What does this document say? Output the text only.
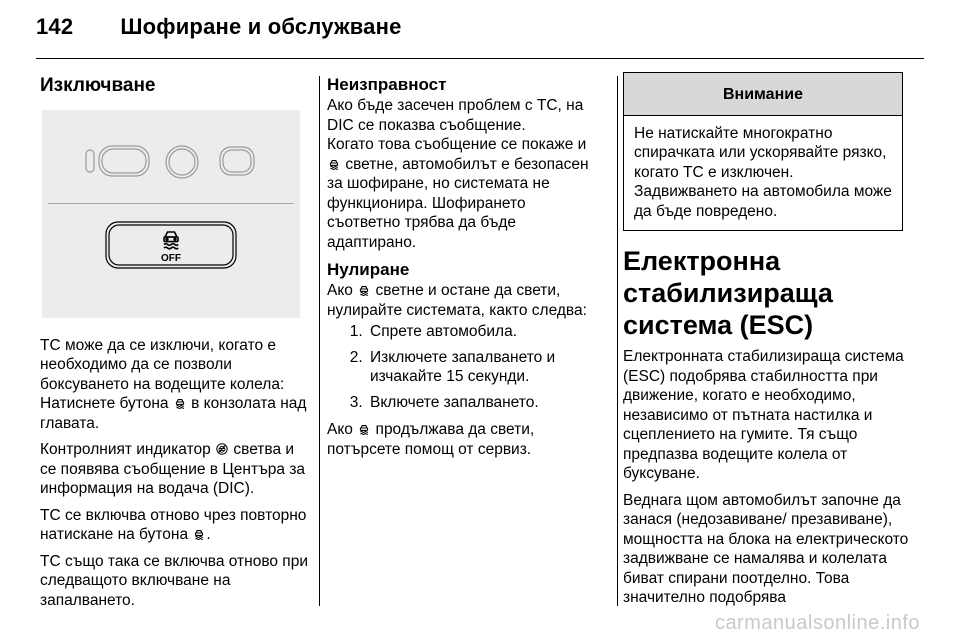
142 Шофиране и обслужване
Изключване
OFF

TC може да се изключи, когато е необходимо да се позволи боксуването на водещите колела: Натиснете бутона в конзолата над главата.

Контролният индикатор светва и се появява съобщение в Центъра за информация на водача (DIC).

TC се включва отново чрез повторно натискане на бутона .

TC също така се включва отново при следващото включване на запалването.

Неизправност

Ако бъде засечен проблем с TC, на DIC се показва съобщение.

Когато това съобщение се покаже и  светне, автомобилът е безопасен за шофиране, но системата не функционира. Шофирането съответно трябва да бъде адаптирано.

Нулиране

Ако светне и остане да свети, нулирайте системата, както следва:

1. Спрете автомобила.
2. Изключете запалването и изчакайте 15 секунди.
3. Включете запалването.

Ако продължава да свети, потърсете помощ от сервиз.

Внимание
Не натискайте многократно спирачката или ускорявайте рязко, когато TC е изключен. Задвижването на автомобила може да бъде повредено.
Електронна стабилизираща система (ESC)

Електронната стабилизираща система (ESC) подобрява стабилността при движение, когато е необходимо, независимо от пътната настилка и сцеплението на гумите. Тя също предпазва водещите колела от буксуване.

Веднага щом автомобилът започне да занася (недозавиване/ презавиване), мощността на блока на електрическото задвижване се намалява и колелата биват спирани поотделно. Това значително подобрява

carmanualsonline.info
